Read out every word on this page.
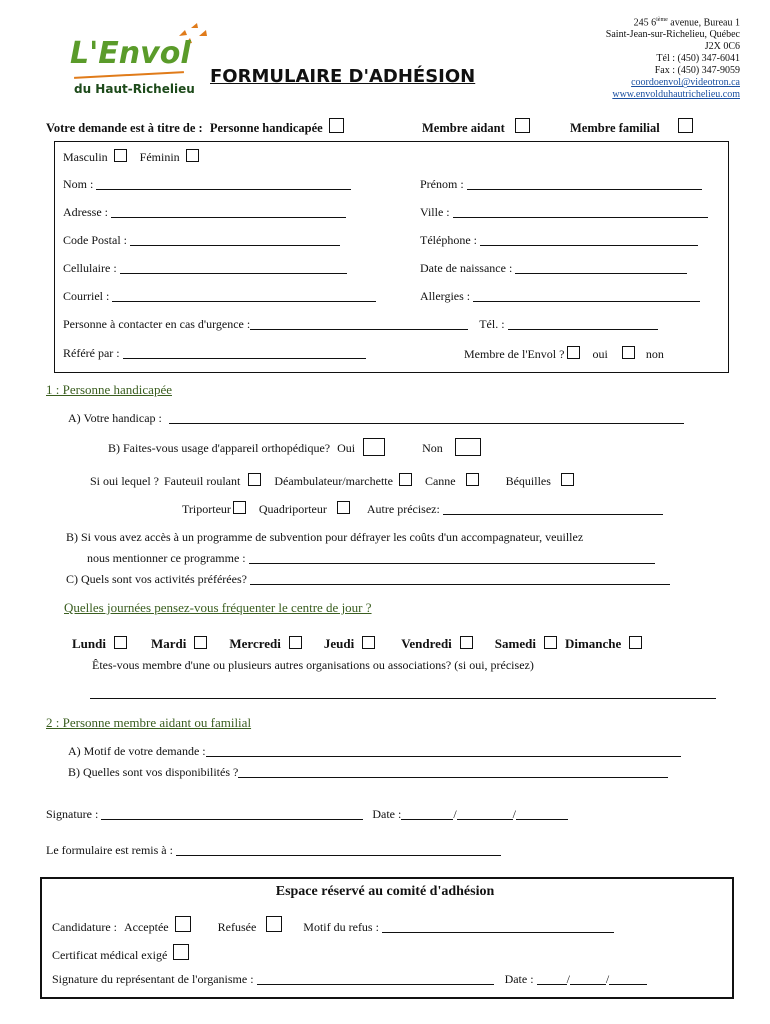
L'Envol
du Haut-Richelieu
FORMULAIRE D'ADHÉSION
245 6ième avenue, Bureau 1
Saint-Jean-sur-Richelieu, Québec
J2X 0C6
Tél : (450) 347-6041
Fax : (450) 347-9059
coordoenvol@videotron.ca
www.envolduhautrichelieu.com
Votre demande est à titre de : Personne handicapée	Membre aidant	Membre familial
Masculin	Féminin
Nom :	Prénom :
Adresse :	Ville :
Code Postal :	Téléphone :
Cellulaire :	Date de naissance :
Courriel :	Allergies :
Personne à contacter en cas d'urgence :	Tél. :
Référé par :	Membre de l'Envol ? oui	non
1 : Personne handicapée
A) Votre handicap :
B) Faites-vous usage d'appareil orthopédique? Oui	Non
Si oui lequel ? Fauteuil roulant	Déambulateur/marchette	Canne	Béquilles
Triporteur Quadriporteur	Autre précisez:
B) Si vous avez accès à un programme de subvention pour défrayer les coûts d'un accompagnateur, veuillez
nous mentionner ce programme :
C) Quels sont vos activités préférées?
Quelles journées pensez-vous fréquenter le centre de jour ?
Lundi	Mardi	Mercredi	Jeudi	Vendredi	Samedi Dimanche
Êtes-vous membre d'une ou plusieurs autres organisations ou associations? (si oui, précisez)
2 : Personne membre aidant ou familial
A) Motif de votre demande :
B) Quelles sont vos disponibilités ?
Signature :	Date :	/	/
Le formulaire est remis à :
Espace réservé au comité d'adhésion
Candidature : Acceptée	Refusée	Motif du refus :
Certificat médical exigé
Signature du représentant de l'organisme :	Date :	/	/
